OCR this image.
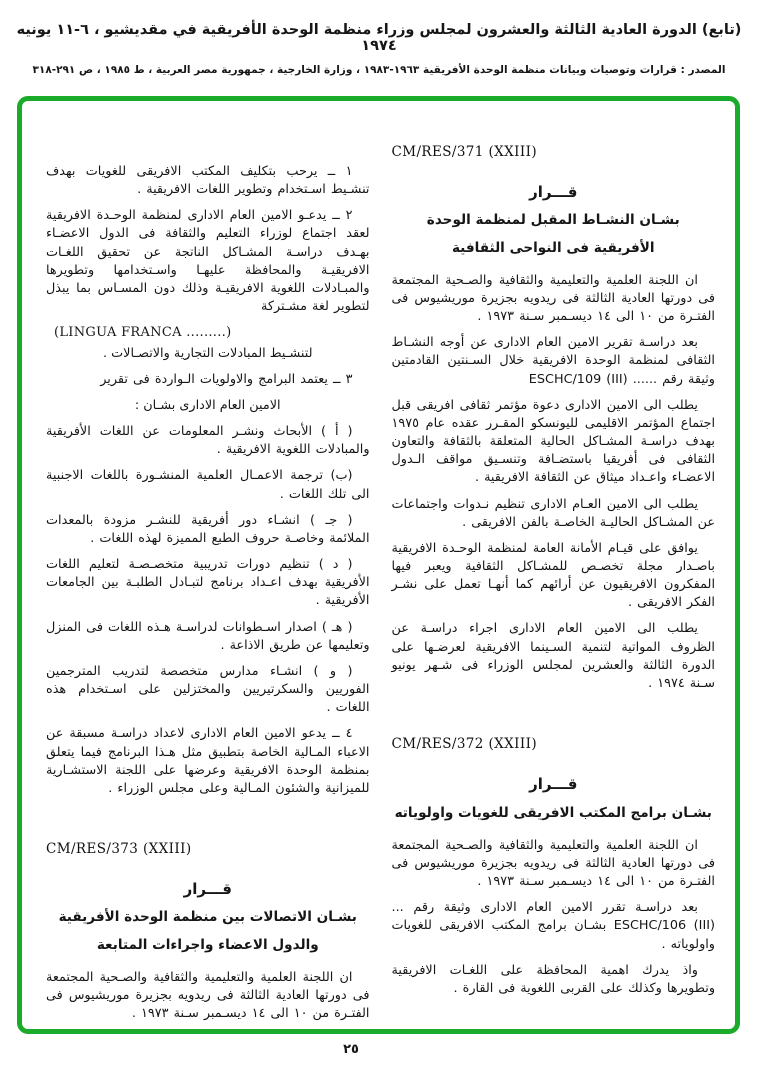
(تابع) الدورة العادية الثالثة والعشرون لمجلس وزراء منظمة الوحدة الأفريقية في مقديشيو ، ٦-١١ يونيه ١٩٧٤
المصدر : قرارات وتوصيات وبيانات منظمة الوحدة الأفريقية ١٩٦٣-١٩٨٣ ، وزارة الخارجية ، جمهورية مصر العربية ، ط ١٩٨٥ ، ص ٢٩١-٣١٨
CM/RES/371 (XXIII)
قـــرار
بشـان النشـاط المقبل لمنظمة الوحدة
الأفريقية فى النواحى الثقافية
ان اللجنة العلمية والتعليمية والثقافية والصـحية المجتمعة فى دورتها العادية الثالثة فى ريدويه بجزيرة موريشيوس فى الفتـرة من ١٠ الى ١٤ ديسـمبر سـنة ١٩٧٣ .
بعد دراسـة تقرير الامين العام الادارى عن أوجه النشـاط الثقافى لمنظمة الوحدة الافريقية خلال السـنتين القادمتين وثيقة رقم ...... ESCHC/109 (III)
يطلب الى الامين الادارى دعوة مؤتمر ثقافى افريقى قبل اجتماع المؤتمر الاقليمى لليونسكو المقـرر عقده عام ١٩٧٥ بهدف دراسـة المشـاكل الحالية المتعلقة بالثقافة والتعاون الثقافى فى أفريقيا باستضـافة وتنسـيق مواقف الـدول الاعضـاء واعـداد ميثاق عن الثقافة الافريقية .
يطلب الى الامين العـام الادارى تنظيم نـدوات واجتماعات عن المشـاكل الحاليـة الخاصـة بالفن الافريقى .
يوافق على قيـام الأمانة العامة لمنظمة الوحـدة الافريقية باصـدار مجلة تخصـص للمشـاكل الثقافية ويعبر فيها المفكرون الافريقيون عن أرائهم كما أنهـا تعمل على نشـر الفكر الافريقى .
يطلب الى الامين العام الادارى اجراء دراسـة عن الظروف المواتية لتنمية السـينما الافريقية لعرضـها على الدورة الثالثة والعشرين لمجلس الوزراء فى شـهر يونيو سـنة ١٩٧٤ .
CM/RES/372 (XXIII)
قـــرار
بشـان برامج المكتب الافريقى للغويات واولوياته
ان اللجنة العلمية والتعليمية والثقافية والصـحية المجتمعة فى دورتها العادية الثالثة فى ريدويه بجزيرة موريشيوس فى الفتـرة من ١٠ الى ١٤ ديسـمبر سـنة ١٩٧٣ .
بعد دراسـة تقرر الامين العام الادارى وثيقة رقم ... ESCHC/106 (III) بشـان برامج المكتب الافريقى للغويات واولوياته .
واذ يدرك اهمية المحافظة على اللغـات الافريقية وتطويرها وكذلك على القربى اللغوية فى القارة .
١ ــ يرحب بتكليف المكتب الافريقى للغويات بهدف تنشـيط اسـتخدام وتطوير اللغات الافريقية .
٢ ــ يدعـو الامين العام الادارى لمنظمة الوحـدة الافريقية لعقد اجتماع لوزراء التعليم والثقافة فى الدول الاعضـاء بهـدف دراسـة المشـاكل الناتجة عن تحقيق اللغـات الافريقيـة والمحافظة عليهـا واسـتخدامها وتطويرها والمبـادلات اللغوية الافريقيـة وذلك دون المسـاس بما يبذل لتطوير لغة مشـتركة
(LINGUA FRANCA .........)
لتنشـيط المبادلات التجارية والاتصـالات .
٣ ــ يعتمد البرامج والاولويات الـواردة فى تقرير
الامين العام الادارى بشـان :
( أ ) الأبحاث ونشـر المعلومات عن اللغات الأفريقية والمبادلات اللغوية الافريقية .
(ب) ترجمة الاعمـال العلمية المنشـورة باللغات الاجنبية الى تلك اللغات .
( جـ ) انشـاء دور أفريقية للنشـر مزودة بالمعدات الملائمة وخاصـة حروف الطبع المميزة لهذه اللغات .
( د ) تنظيم دورات تدريبية متخصـصـة لتعليم اللغات الأفريقية بهدف اعـداد برنامج لتبـادل الطلبـة بين الجامعات الأفريقية .
( هـ ) اصدار اسـطوانات لدراسـة هـذه اللغات فى المنزل وتعليمها عن طريق الاذاعة .
( و ) انشـاء مدارس متخصصة لتدريب المترجمين الفوريين والسكرتيريين والمختزلين على اسـتخدام هذه اللغات .
٤ ــ يدعو الامين العام الادارى لاعداد دراسـة مسبقة عن الاعباء المـالية الخاصة بتطبيق مثل هـذا البرنامج فيما يتعلق بمنظمة الوحدة الافريقية وعرضها على اللجنة الاستشـارية للميزانية والشئون المـالية وعلى مجلس الوزراء .
CM/RES/373 (XXIII)
قـــرار
بشـان الاتصالات بين منظمة الوحدة الأفريقية
والدول الاعضاء واجراءات المتابعة
ان اللجنة العلمية والتعليمية والثقافية والصـحية المجتمعة فى دورتها العادية الثالثة فى ريدويه بجزيرة موريشيوس فى الفتـرة من ١٠ الى ١٤ ديسـمبر سـنة ١٩٧٣ .
٢٥
